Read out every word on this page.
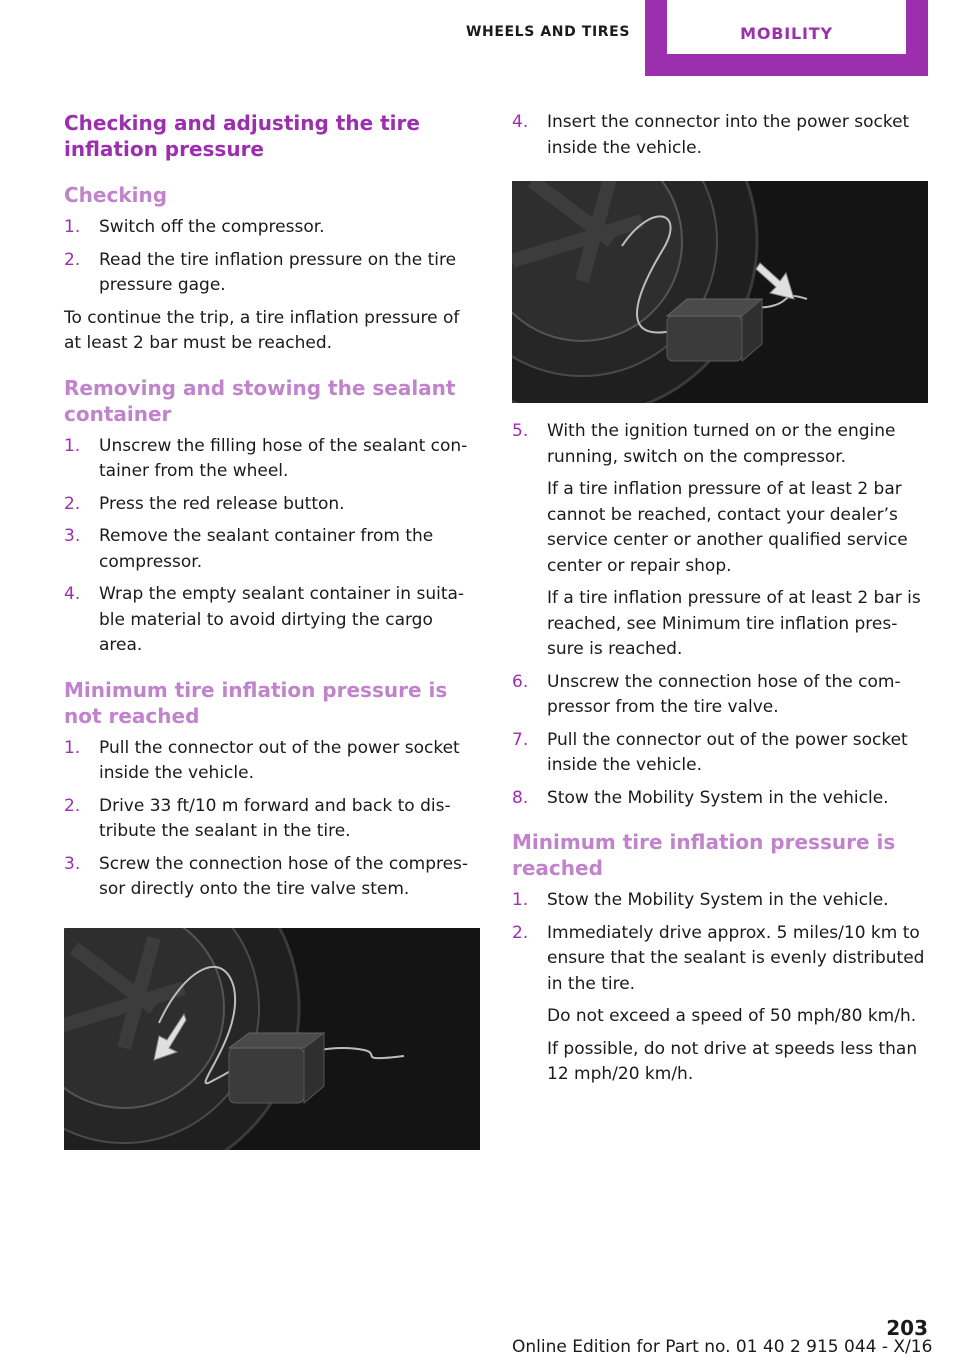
WHEELS AND TIRES	MOBILITY
Checking and adjusting the tire inflation pressure
Checking
1. Switch off the compressor.
2. Read the tire inflation pressure on the tire pressure gage.

To continue the trip, a tire inflation pressure of at least 2 bar must be reached.

Removing and stowing the sealant container
1. Unscrew the filling hose of the sealant con‐tainer from the wheel.
2. Press the red release button.
3. Remove the sealant container from the compressor.
4. Wrap the empty sealant container in suita‐ble material to avoid dirtying the cargo area.
Minimum tire inflation pressure is not reached
1. Pull the connector out of the power socket inside the vehicle.
2. Drive 33 ft/10 m forward and back to dis‐tribute the sealant in the tire.
3. Screw the connection hose of the compres‐sor directly onto the tire valve stem.
4. Insert the connector into the power socket inside the vehicle.
5. With the ignition turned on or the engine running, switch on the compressor.
If a tire inflation pressure of at least 2 bar cannot be reached, contact your dealer’s service center or another qualified service center or repair shop.
If a tire inflation pressure of at least 2 bar is reached, see Minimum tire inflation pres‐sure is reached.
6. Unscrew the connection hose of the com‐pressor from the tire valve.
7. Pull the connector out of the power socket inside the vehicle.
8. Stow the Mobility System in the vehicle.
Minimum tire inflation pressure is reached
1. Stow the Mobility System in the vehicle.
2. Immediately drive approx. 5 miles/10 km to ensure that the sealant is evenly distributed in the tire.
Do not exceed a speed of 50 mph/80 km/h.
If possible, do not drive at speeds less than 12 mph/20 km/h.
Online Edition for Part no. 01 40 2 915 044 - X/16
203
